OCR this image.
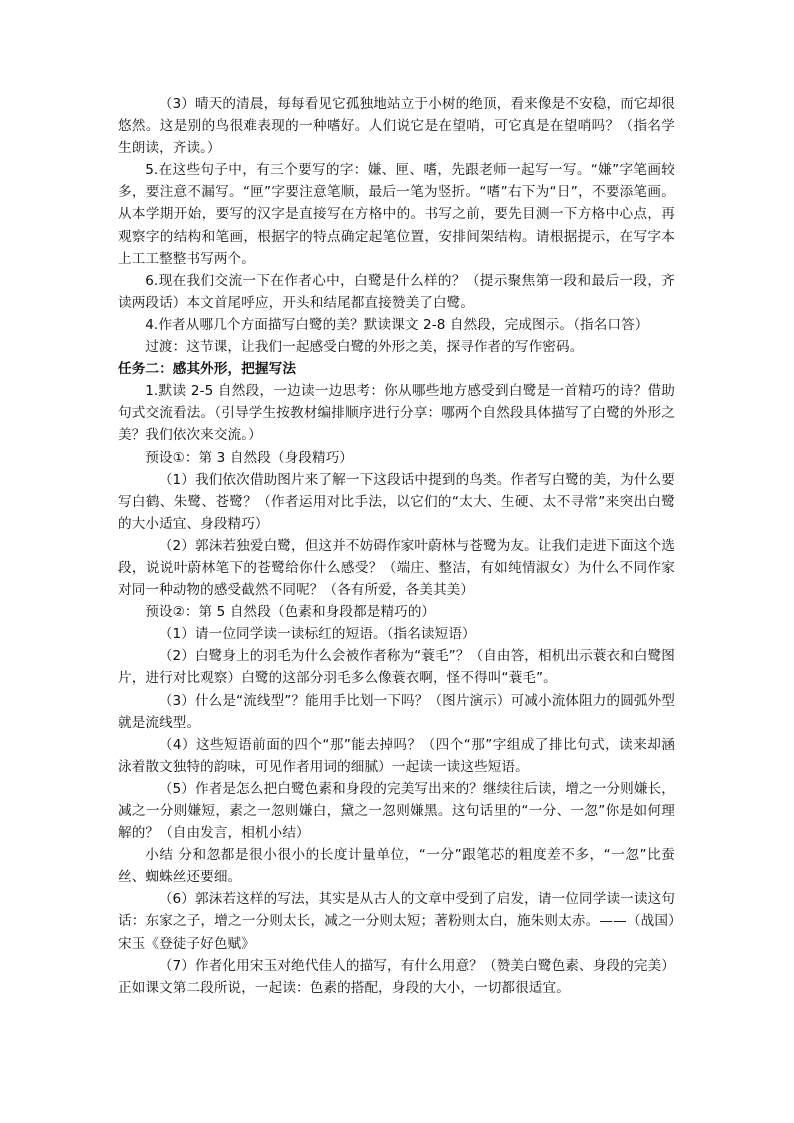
（3）晴天的清晨，每每看见它孤独地站立于小树的绝顶，看来像是不安稳，而它却很悠然。这是别的鸟很难表现的一种嗜好。人们说它是在望哨，可它真是在望哨吗？（指名学生朗读，齐读。）

5.在这些句子中，有三个要写的字：嫌、匣、嗜，先跟老师一起写一写。“嫌”字笔画较多，要注意不漏写。“匣”字要注意笔顺，最后一笔为竖折。“嗜”右下为“日”，不要添笔画。从本学期开始，要写的汉字是直接写在方格中的。书写之前，要先目测一下方格中心点，再观察字的结构和笔画，根据字的特点确定起笔位置，安排间架结构。请根据提示，在写字本上工工整整书写两个。

6.现在我们交流一下在作者心中，白鹭是什么样的？（提示聚焦第一段和最后一段，齐读两段话）本文首尾呼应，开头和结尾都直接赞美了白鹭。

4.作者从哪几个方面描写白鹭的美？默读课文 2-8 自然段，完成图示。（指名口答）

过渡：这节课，让我们一起感受白鹭的外形之美，探寻作者的写作密码。

任务二：感其外形，把握写法

1.默读 2-5 自然段，一边读一边思考：你从哪些地方感受到白鹭是一首精巧的诗？借助句式交流看法。（引导学生按教材编排顺序进行分享：哪两个自然段具体描写了白鹭的外形之美？我们依次来交流。）

预设①：第 3 自然段（身段精巧）

（1）我们依次借助图片来了解一下这段话中提到的鸟类。作者写白鹭的美，为什么要写白鹤、朱鹭、苍鹭？（作者运用对比手法，以它们的“太大、生硬、太不寻常”来突出白鹭的大小适宜、身段精巧）

（2）郭沫若独爱白鹭，但这并不妨碍作家叶蔚林与苍鹭为友。让我们走进下面这个选段，说说叶蔚林笔下的苍鹭给你什么感受？（端庄、整洁，有如纯情淑女）为什么不同作家对同一种动物的感受截然不同呢？（各有所爱，各美其美）

预设②：第 5 自然段（色素和身段都是精巧的）

（1）请一位同学读一读标红的短语。（指名读短语）

（2）白鹭身上的羽毛为什么会被作者称为“蓑毛”？（自由答，相机出示蓑衣和白鹭图片，进行对比观察）白鹭的这部分羽毛多么像蓑衣啊，怪不得叫“蓑毛”。

（3）什么是“流线型”？能用手比划一下吗？（图片演示）可减小流体阻力的圆弧外型就是流线型。

（4）这些短语前面的四个“那”能去掉吗？（四个“那”字组成了排比句式，读来却涵泳着散文独特的韵味，可见作者用词的细腻）一起读一读这些短语。

（5）作者是怎么把白鹭色素和身段的完美写出来的？继续往后读，增之一分则嫌长，减之一分则嫌短，素之一忽则嫌白，黛之一忽则嫌黑。这句话里的“一分、一忽”你是如何理解的？（自由发言，相机小结）

小结 分和忽都是很小很小的长度计量单位，“一分”跟笔芯的粗度差不多，“一忽”比蚕丝、蜘蛛丝还要细。

（6）郭沫若这样的写法，其实是从古人的文章中受到了启发，请一位同学读一读这句话：东家之子，增之一分则太长，减之一分则太短；著粉则太白，施朱则太赤。——（战国）宋玉《登徒子好色赋》

（7）作者化用宋玉对绝代佳人的描写，有什么用意？（赞美白鹭色素、身段的完美）正如课文第二段所说，一起读：色素的搭配，身段的大小，一切都很适宜。
